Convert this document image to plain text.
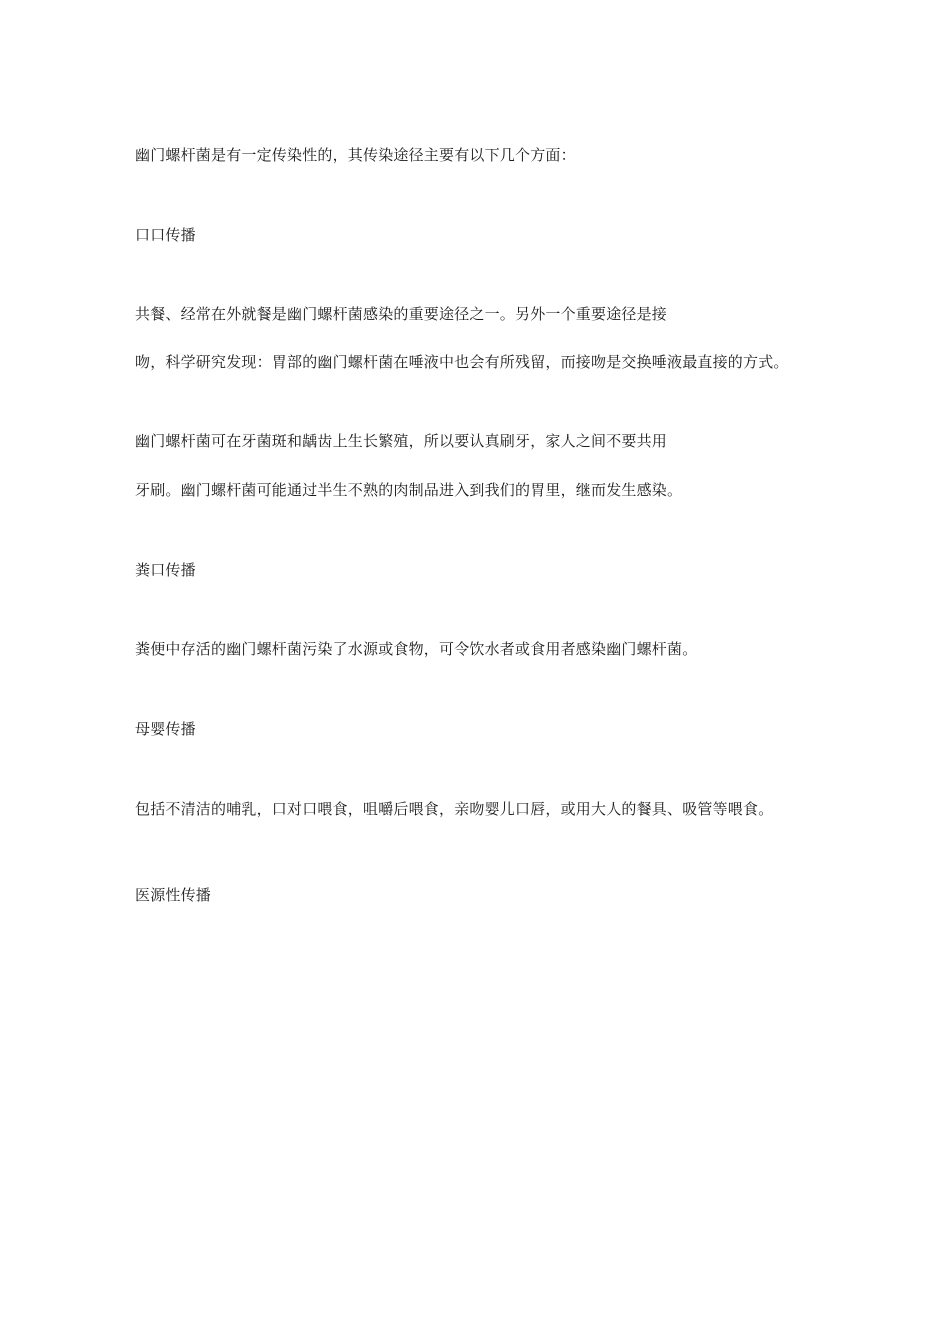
幽门螺杆菌是有一定传染性的，其传染途径主要有以下几个方面：
口口传播
共餐、经常在外就餐是幽门螺杆菌感染的重要途径之一。另外一个重要途径是接
吻，科学研究发现：胃部的幽门螺杆菌在唾液中也会有所残留，而接吻是交换唾液最直接的方式。
幽门螺杆菌可在牙菌斑和龋齿上生长繁殖，所以要认真刷牙，家人之间不要共用
牙刷。幽门螺杆菌可能通过半生不熟的肉制品进入到我们的胃里，继而发生感染。
粪口传播
粪便中存活的幽门螺杆菌污染了水源或食物，可令饮水者或食用者感染幽门螺杆菌。
母婴传播
包括不清洁的哺乳，口对口喂食，咀嚼后喂食，亲吻婴儿口唇，或用大人的餐具、吸管等喂食。
医源性传播
